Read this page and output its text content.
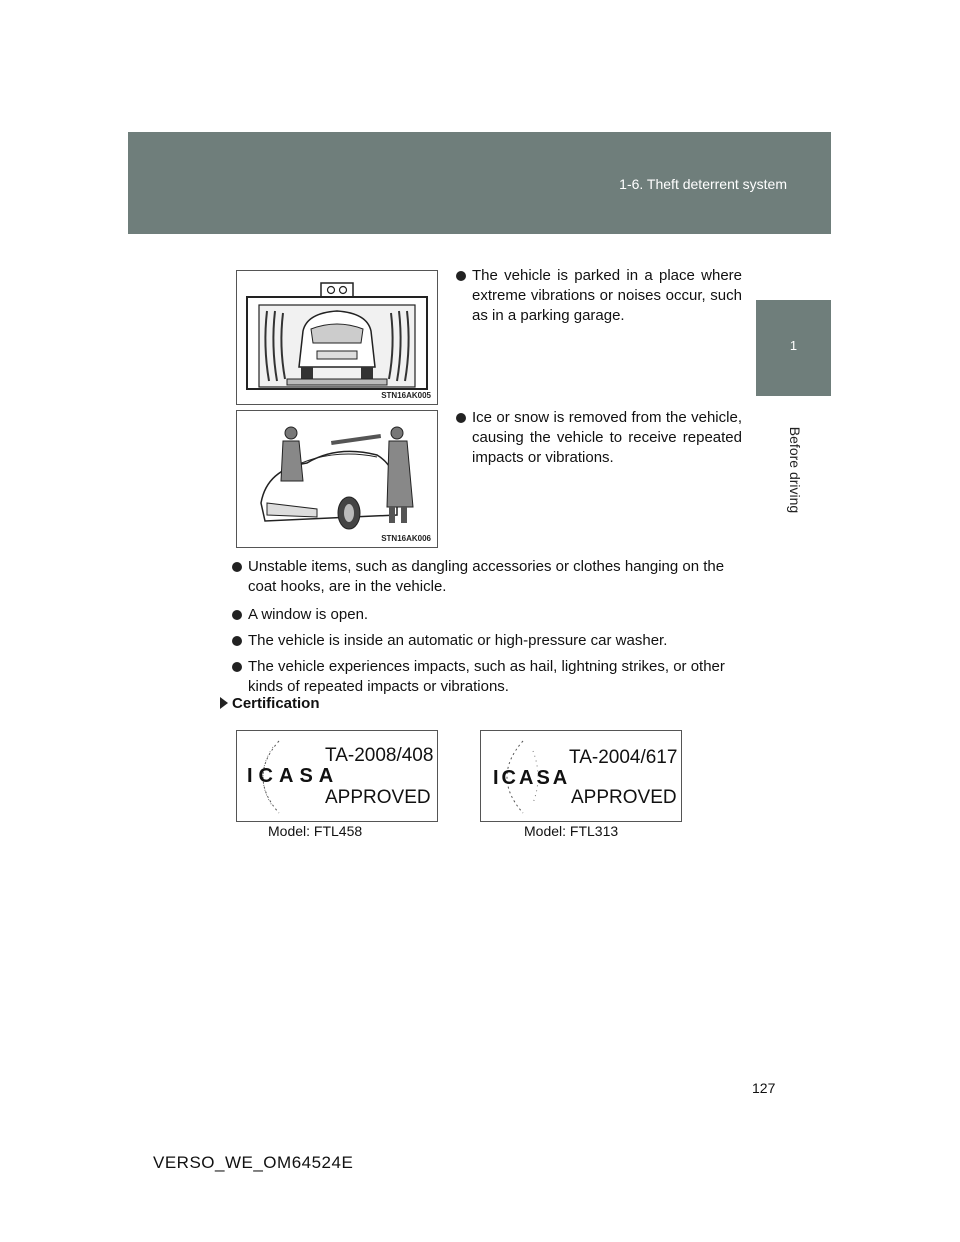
1-6. Theft deterrent system
1
Before driving
STN16AK005
The vehicle is parked in a place where extreme vibrations or noises occur, such as in a parking garage.
STN16AK006
Ice or snow is removed from the vehicle, causing the vehicle to receive repeated impacts or vibrations.
Unstable items, such as dangling accessories or clothes hanging on the coat hooks, are in the vehicle.
A window is open.
The vehicle is inside an automatic or high-pressure car washer.
The vehicle experiences impacts, such as hail, lightning strikes, or other kinds of repeated impacts or vibrations.
Certification
TA-2008/408
ICASA
APPROVED
Model: FTL458
TA-2004/617
ICASA
APPROVED
Model: FTL313
127
VERSO_WE_OM64524E
